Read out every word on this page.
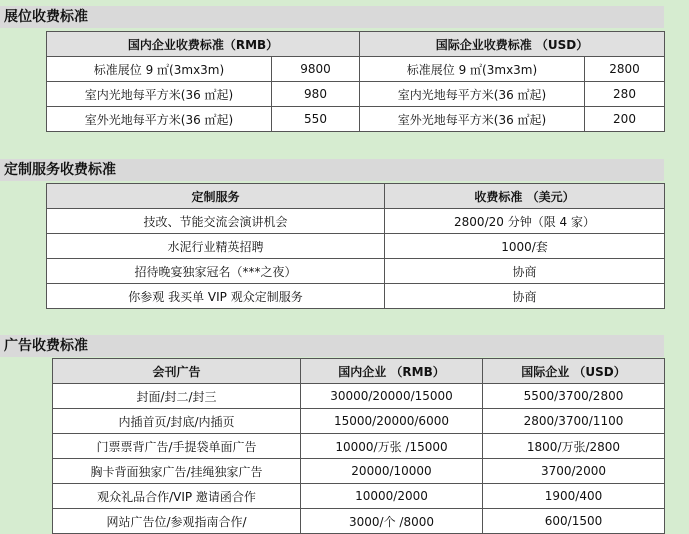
展位收费标准
国内企业收费标准（RMB）		国际企业收费标准 （USD）	
标准展位 9 ㎡(3mx3m)	9800	标准展位 9 ㎡(3mx3m)	2800
室内光地每平方米(36 ㎡起)	980	室内光地每平方米(36 ㎡起)	280
室外光地每平方米(36 ㎡起)	550	室外光地每平方米(36 ㎡起)	200
定制服务收费标准
定制服务	收费标准 （美元）
技改、节能交流会演讲机会	2800/20 分钟（限 4 家）
水泥行业精英招聘	1000/套
招待晚宴独家冠名（***之夜）	协商
你参观 我买单 VIP 观众定制服务	协商
广告收费标准
会刊广告	国内企业 （RMB）	国际企业 （USD）
封面/封二/封三	30000/20000/15000	5500/3700/2800
内插首页/封底/内插页	15000/20000/6000	2800/3700/1100
门票票背广告/手提袋单面广告	10000/万张 /15000	1800/万张/2800
胸卡背面独家广告/挂绳独家广告	20000/10000	3700/2000
观众礼品合作/VIP 邀请函合作	10000/2000	1900/400
网站广告位/参观指南合作/	3000/个 /8000	600/1500
